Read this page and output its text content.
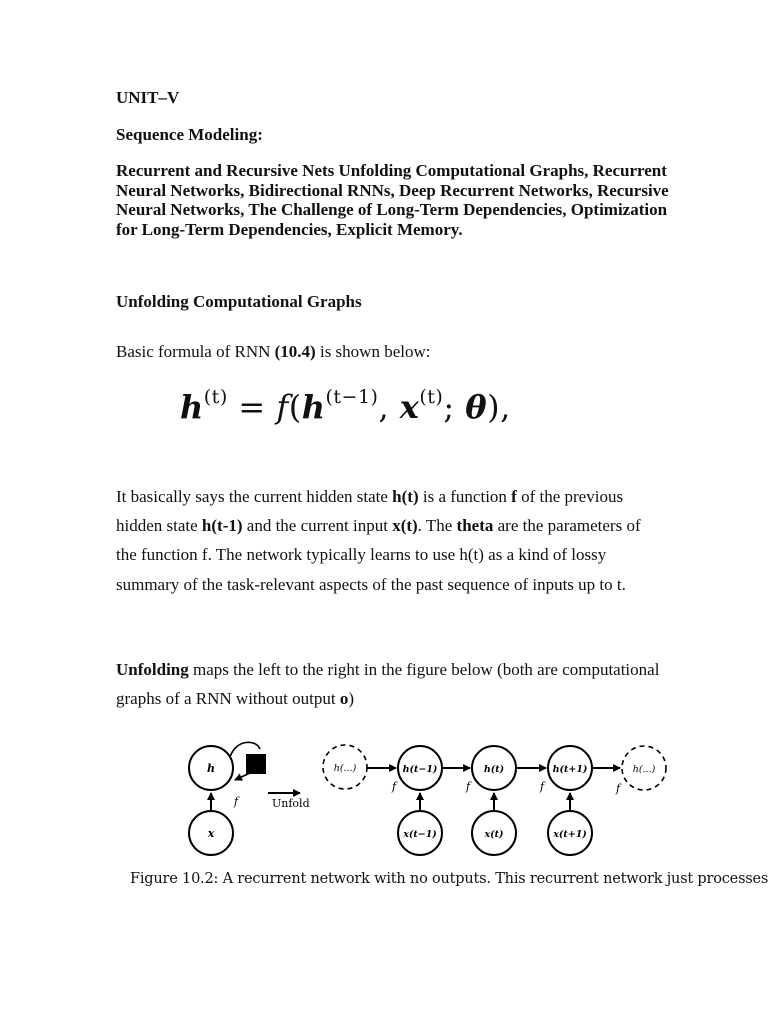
UNIT–V
Sequence Modeling:
Recurrent and Recursive Nets Unfolding Computational Graphs, Recurrent Neural Networks, Bidirectional RNNs, Deep Recurrent Networks, Recursive Neural Networks, The Challenge of Long-Term Dependencies, Optimization for Long-Term Dependencies, Explicit Memory.
Unfolding Computational Graphs
Basic formula of RNN (10.4) is shown below:
$h^{(t)} = f(h^{(t-1)}$, $x^{(t)}$; θ),
It basically says the current hidden state h(t) is a function f of the previous hidden state h(t-1) and the current input x(t). The theta are the parameters of the function f. The network typically learns to use h(t) as a kind of lossy summary of the task-relevant aspects of the past sequence of inputs up to t.
Unfolding maps the left to the right in the figure below (both are computational graphs of a RNN without output o)
h
x
f	Unfold
h(...)	h(t−1)	h(t)	h(t+1)	h(...)
x(t−1)	x(t)	x(t+1)
f	f	f	f
Figure 10.2: A recurrent network with no outputs. This recurrent network just processes
